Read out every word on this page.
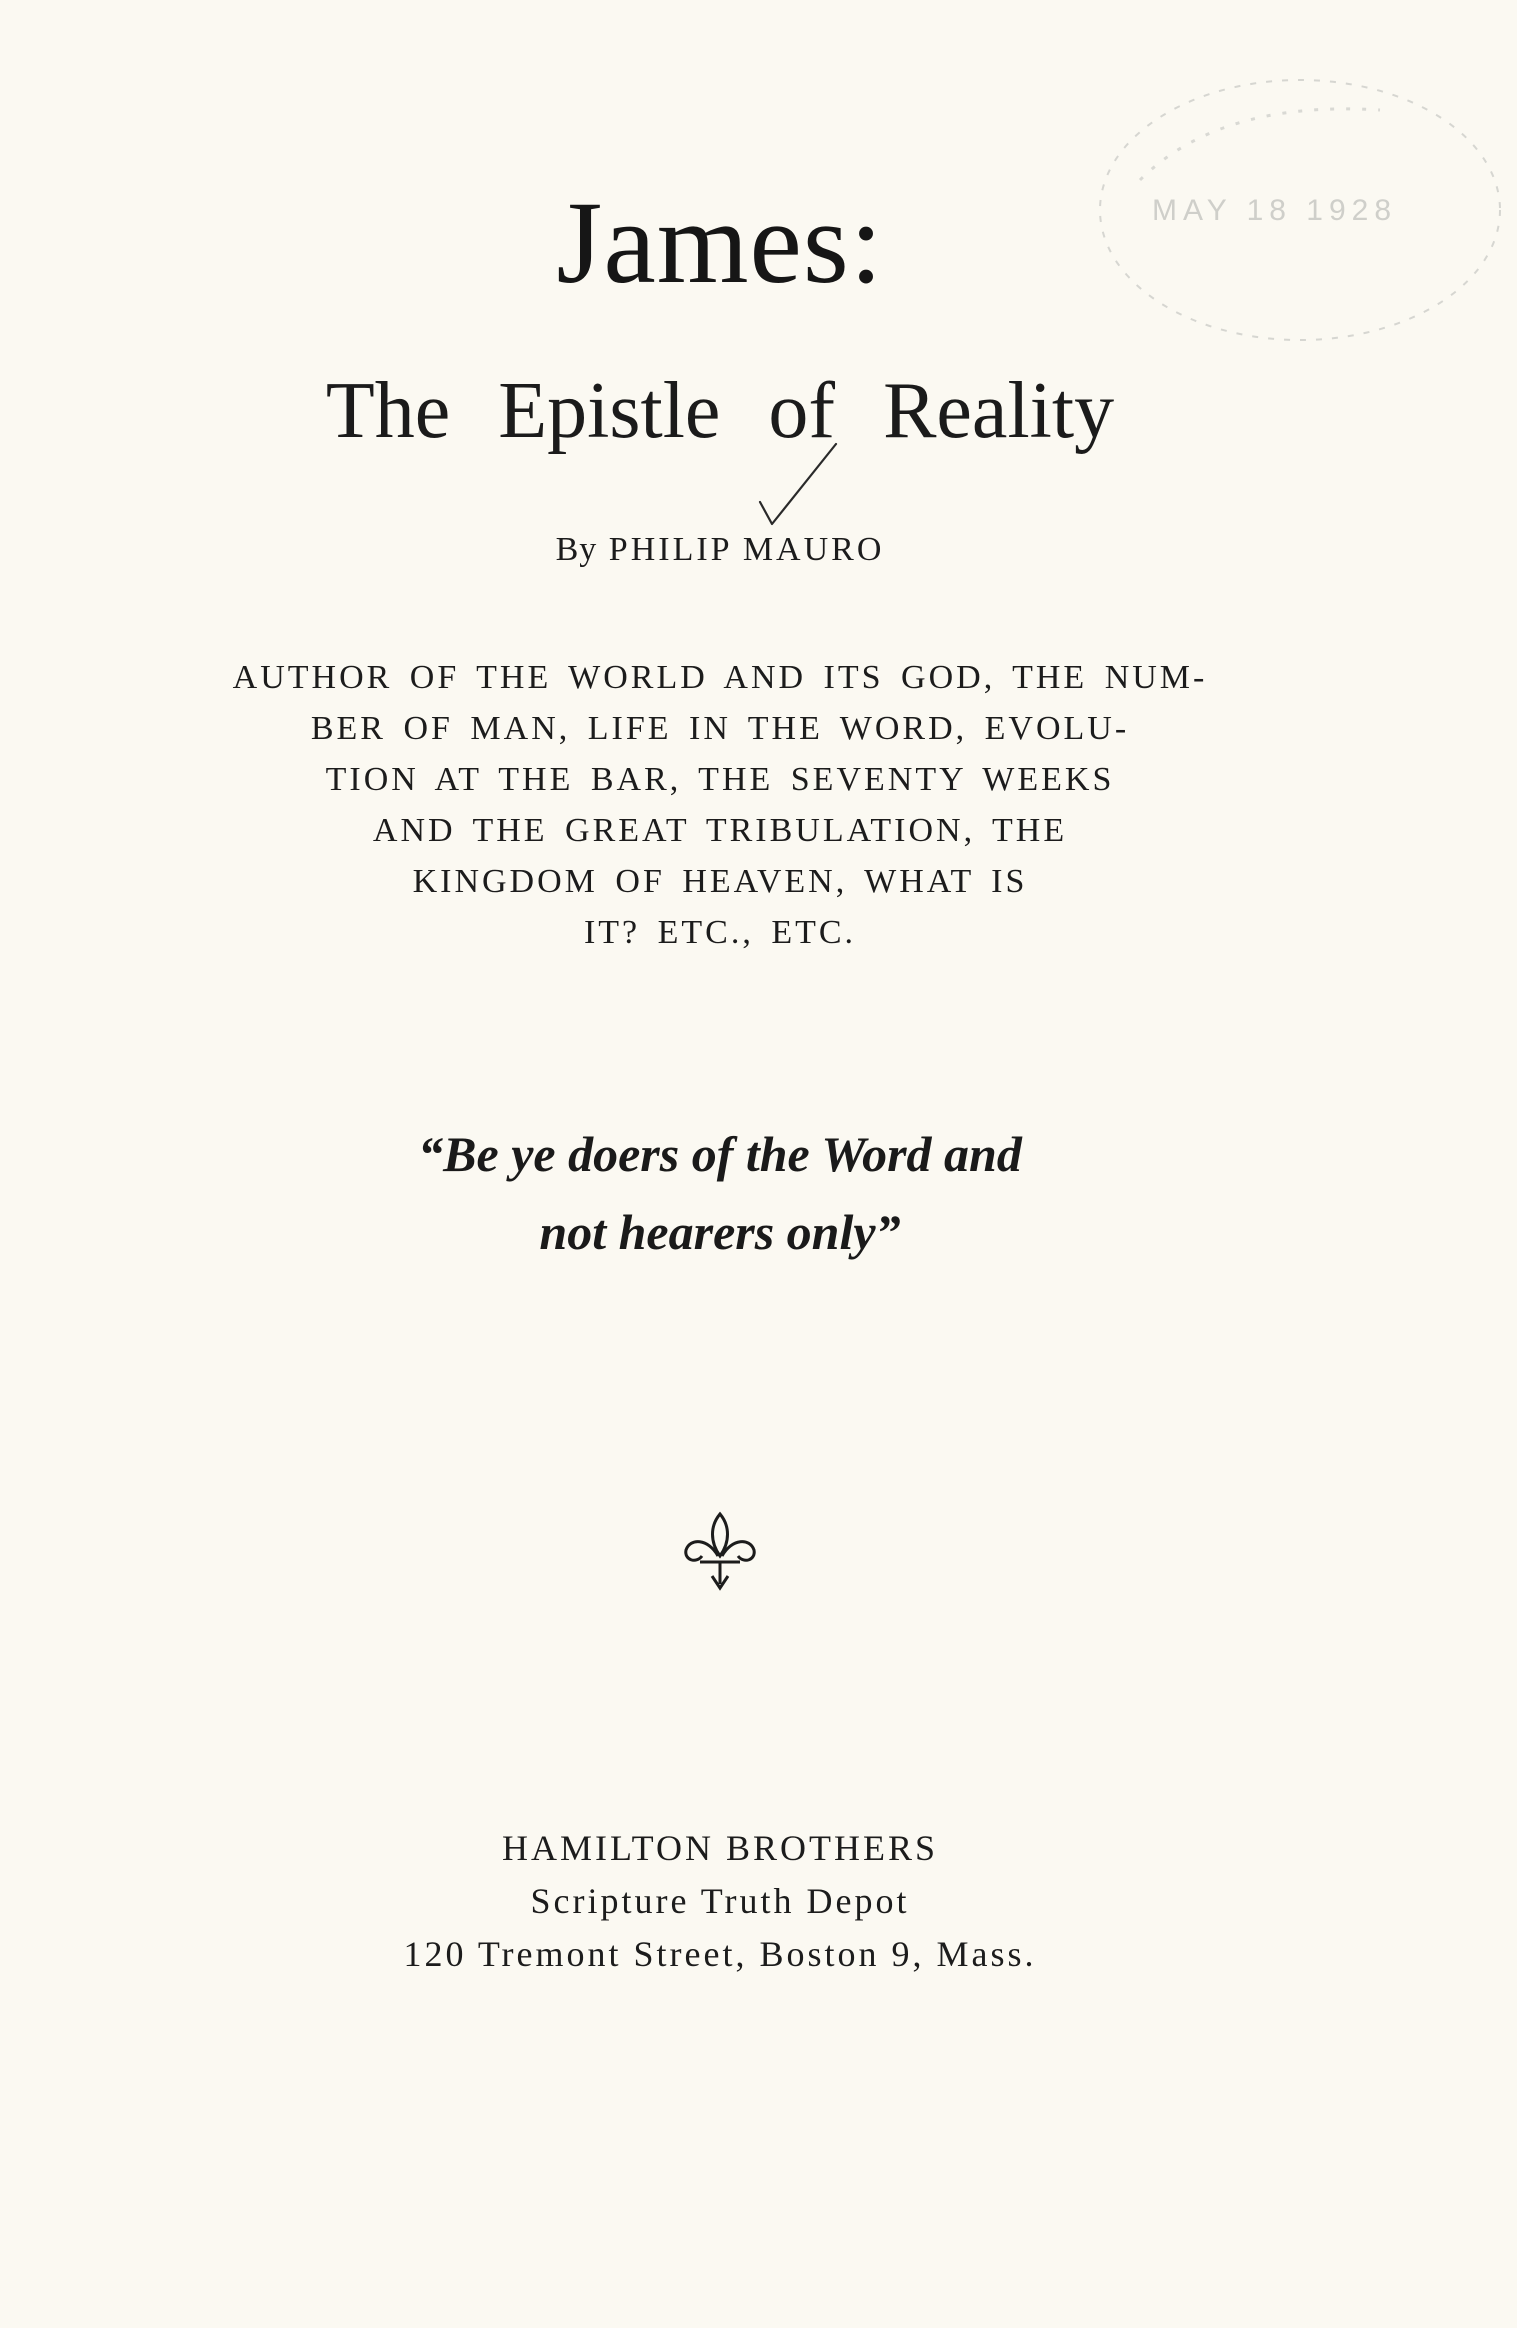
MAY 18 1928
James:
The Epistle of Reality
By PHILIP MAURO
AUTHOR OF THE WORLD AND ITS GOD, THE NUM-
BER OF MAN, LIFE IN THE WORD, EVOLU-
TION AT THE BAR, THE SEVENTY WEEKS
AND THE GREAT TRIBULATION, THE
KINGDOM OF HEAVEN, WHAT IS
IT? ETC., ETC.
“Be ye doers of the Word and
not hearers only”
HAMILTON BROTHERS
Scripture Truth Depot
120 Tremont Street, Boston 9, Mass.
